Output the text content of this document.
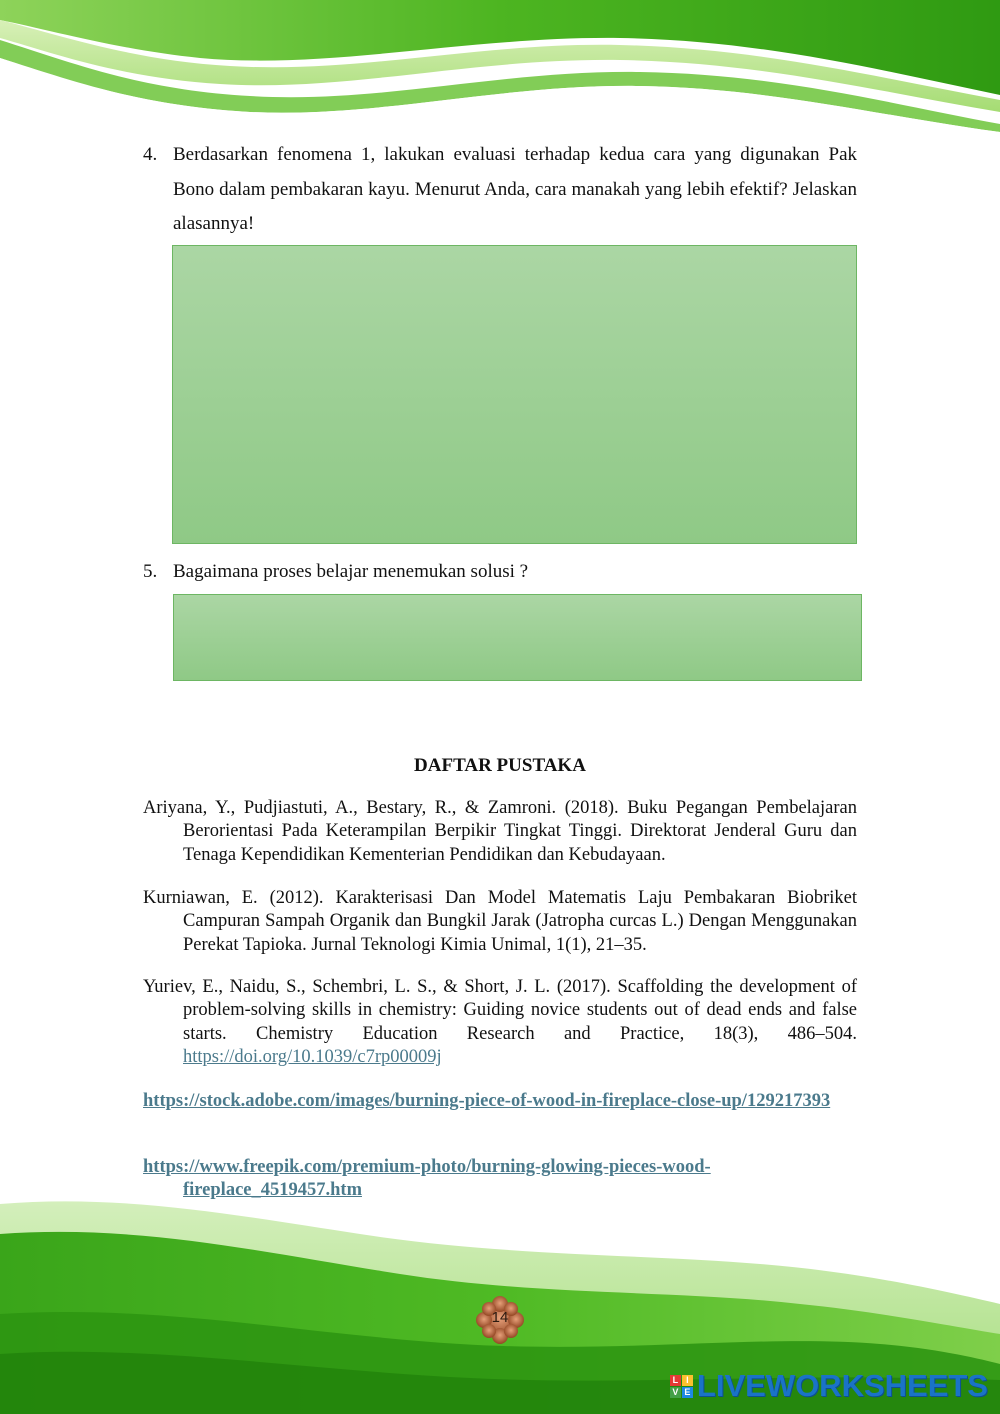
4. Berdasarkan fenomena 1, lakukan evaluasi terhadap kedua cara yang digunakan Pak Bono dalam pembakaran kayu. Menurut Anda, cara manakah yang lebih efektif? Jelaskan alasannya!
5. Bagaimana proses belajar menemukan solusi ?
DAFTAR PUSTAKA
Ariyana, Y., Pudjiastuti, A., Bestary, R., & Zamroni. (2018). Buku Pegangan Pembelajaran Berorientasi Pada Keterampilan Berpikir Tingkat Tinggi. Direktorat Jenderal Guru dan Tenaga Kependidikan Kementerian Pendidikan dan Kebudayaan.
Kurniawan, E. (2012). Karakterisasi Dan Model Matematis Laju Pembakaran Biobriket Campuran Sampah Organik dan Bungkil Jarak (Jatropha curcas L.) Dengan Menggunakan Perekat Tapioka. Jurnal Teknologi Kimia Unimal, 1(1), 21–35.
Yuriev, E., Naidu, S., Schembri, L. S., & Short, J. L. (2017). Scaffolding the development of problem-solving skills in chemistry: Guiding novice students out of dead ends and false starts. Chemistry Education Research and Practice, 18(3), 486–504. https://doi.org/10.1039/c7rp00009j
https://stock.adobe.com/images/burning-piece-of-wood-in-fireplace-close-up/129217393
https://www.freepik.com/premium-photo/burning-glowing-pieces-wood-fireplace_4519457.htm
14
L I
V E LIVEWORKSHEETS
